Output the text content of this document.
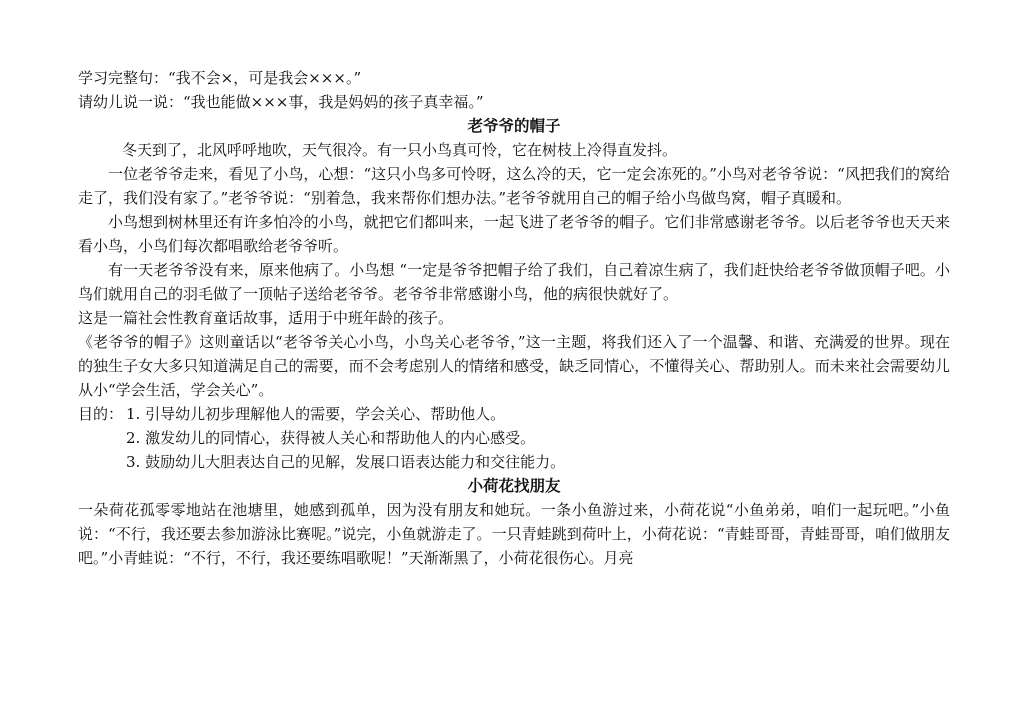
学习完整句：“我不会×，可是我会×××。”

请幼儿说一说：“我也能做×××事，我是妈妈的孩子真幸福。”

老爷爷的帽子

冬天到了，北风呼呼地吹，天气很冷。有一只小鸟真可怜，它在树枝上冷得直发抖。

一位老爷爷走来，看见了小鸟，心想：“这只小鸟多可怜呀，这么冷的天，它一定会冻死的。”小鸟对老爷爷说：“风把我们的窝给走了，我们没有家了。”老爷爷说：“别着急，我来帮你们想办法。”老爷爷就用自己的帽子给小鸟做鸟窝，帽子真暖和。

小鸟想到树林里还有许多怕冷的小鸟，就把它们都叫来，一起飞进了老爷爷的帽子。它们非常感谢老爷爷。以后老爷爷也天天来看小鸟，小鸟们每次都唱歌给老爷爷听。

有一天老爷爷没有来，原来他病了。小鸟想 “一定是爷爷把帽子给了我们，自己着凉生病了，我们赶快给老爷爷做顶帽子吧。小鸟们就用自己的羽毛做了一顶帖子送给老爷爷。老爷爷非常感谢小鸟，他的病很快就好了。

这是一篇社会性教育童话故事，适用于中班年龄的孩子。

《老爷爷的帽子》这则童话以“老爷爷关心小鸟，小鸟关心老爷爷，”这一主题，将我们还入了一个温馨、和谐、充满爱的世界。现在的独生子女大多只知道满足自己的需要，而不会考虑别人的情绪和感受，缺乏同情心，不懂得关心、帮助别人。而未来社会需要幼儿从小“学会生活，学会关心”。

目的： 1. 引导幼儿初步理解他人的需要，学会关心、帮助他人。

2. 激发幼儿的同情心，获得被人关心和帮助他人的内心感受。

3. 鼓励幼儿大胆表达自己的见解，发展口语表达能力和交往能力。

小荷花找朋友

一朵荷花孤零零地站在池塘里，她感到孤单，因为没有朋友和她玩。一条小鱼游过来，小荷花说“小鱼弟弟，咱们一起玩吧。”小鱼说：“不行，我还要去参加游泳比赛呢。”说完，小鱼就游走了。一只青蛙跳到荷叶上，小荷花说：“青蛙哥哥，青蛙哥哥，咱们做朋友吧。”小青蛙说：“不行，不行，我还要练唱歌呢！”天渐渐黑了，小荷花很伤心。月亮
